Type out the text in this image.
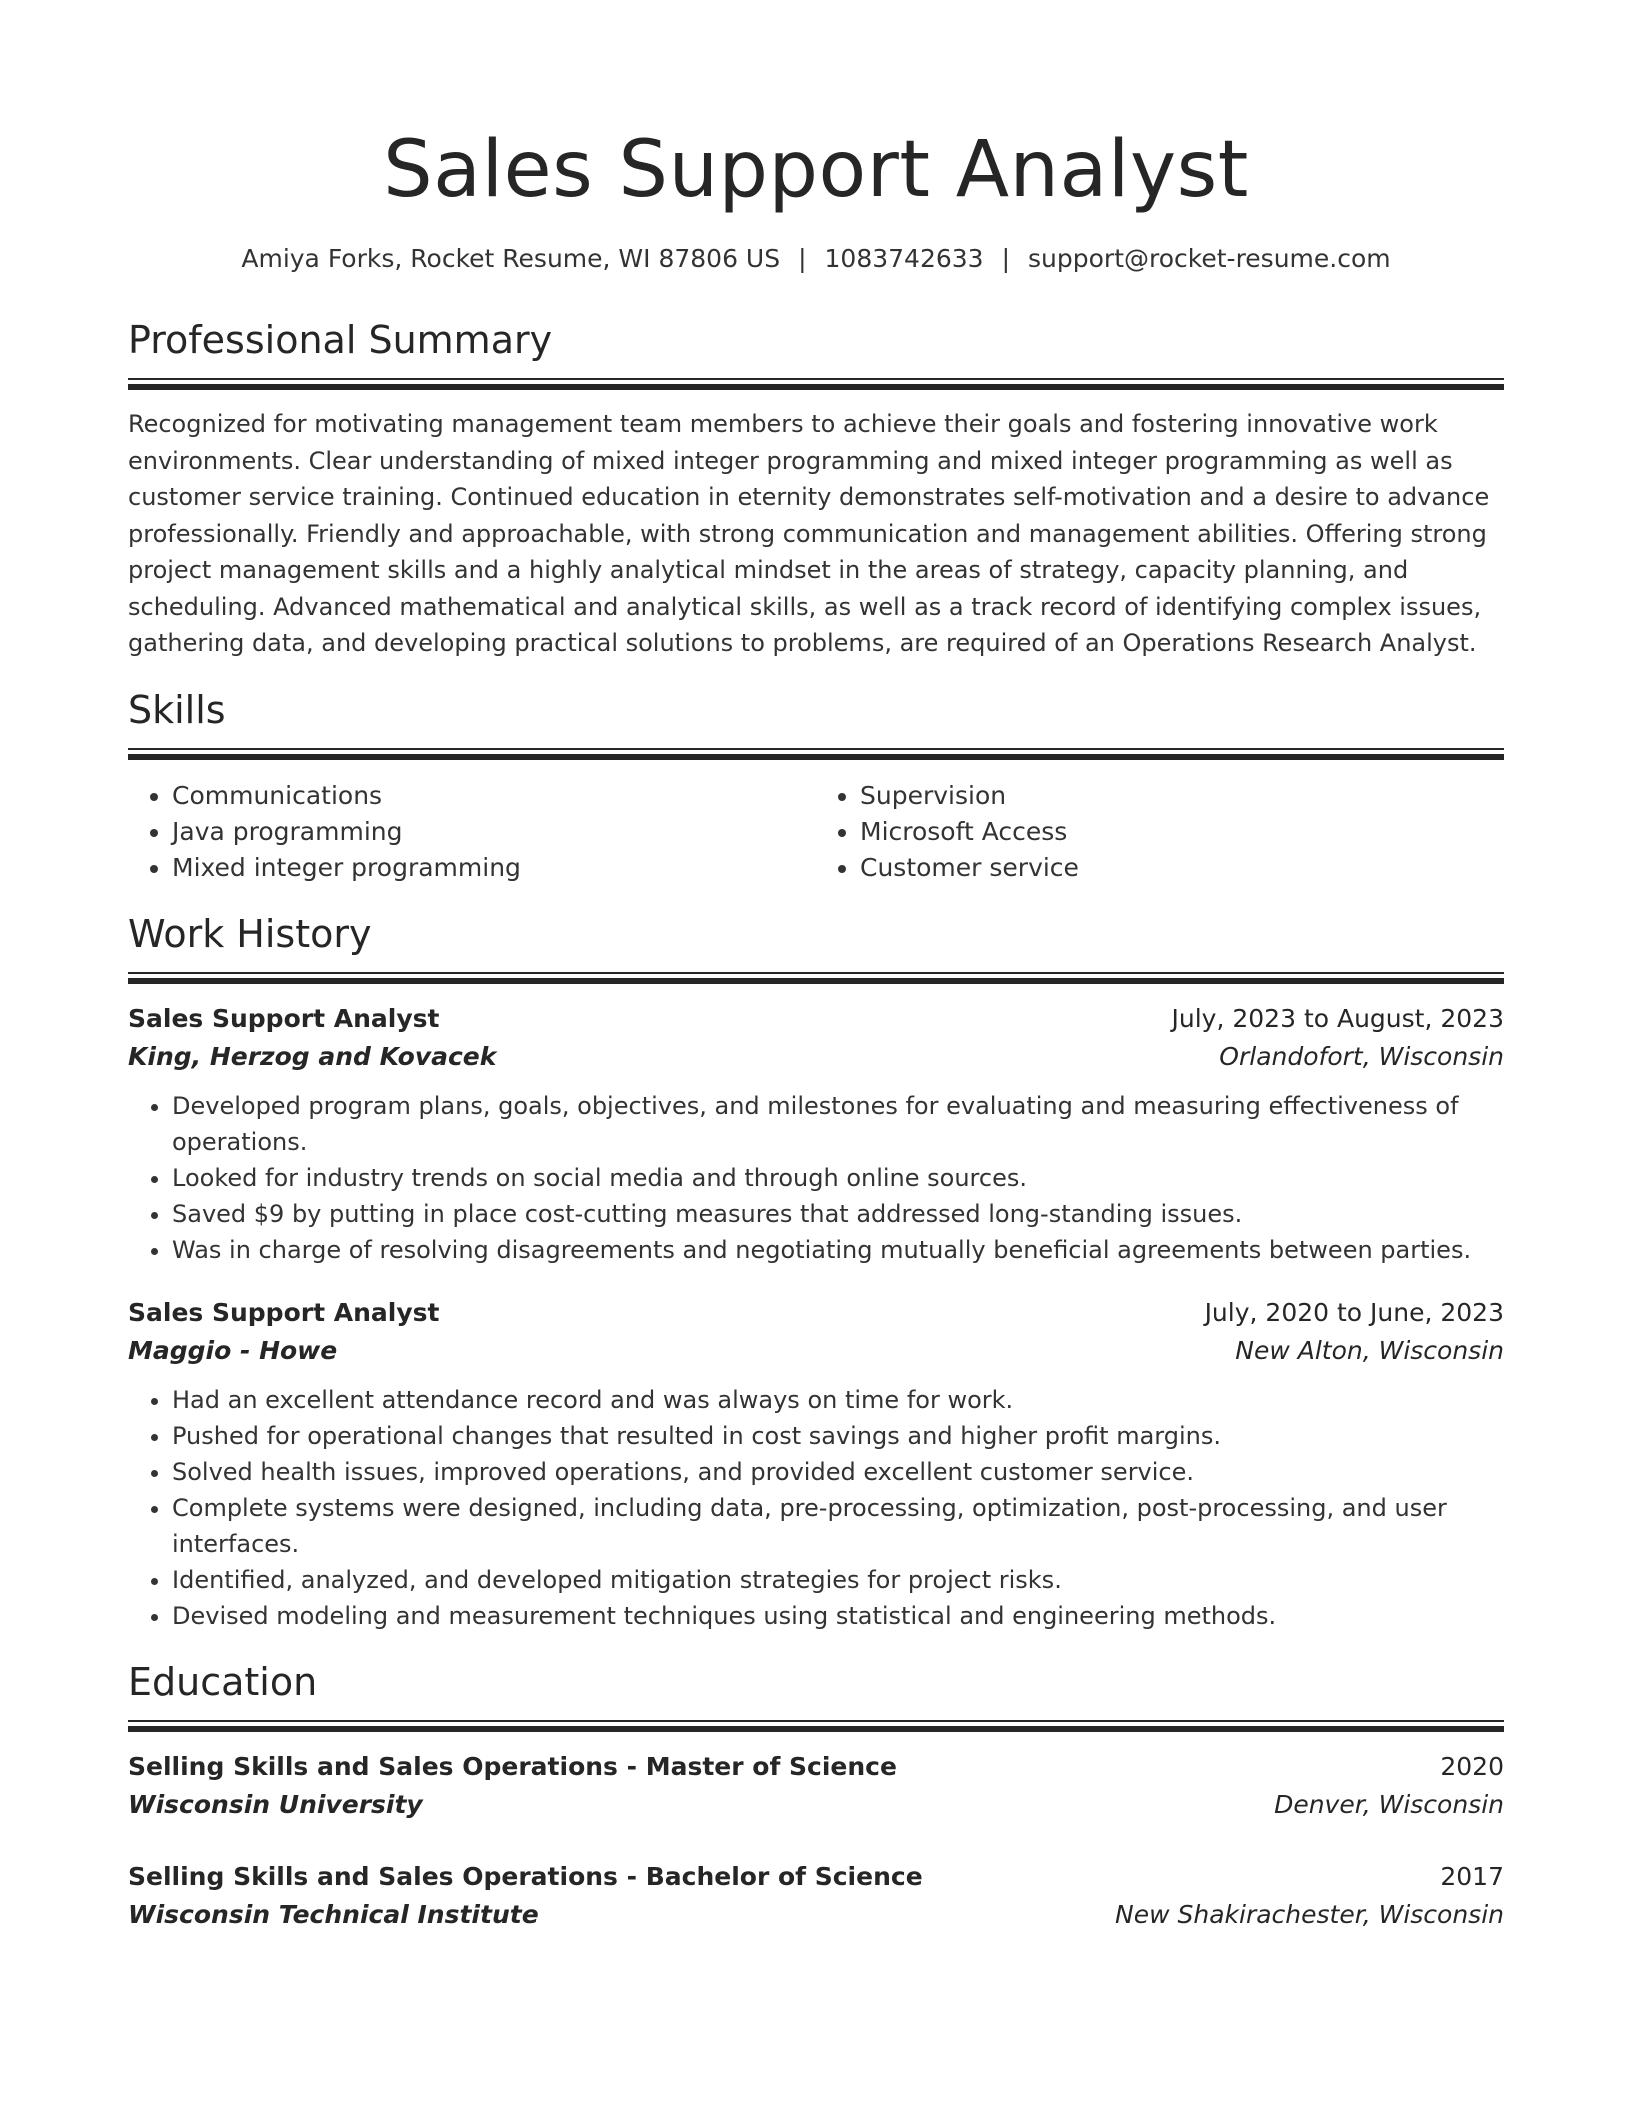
Sales Support Analyst
Amiya Forks, Rocket Resume, WI 87806 US | 1083742633 | support@rocket-resume.com
Professional Summary

Recognized for motivating management team members to achieve their goals and fostering innovative work environments. Clear understanding of mixed integer programming and mixed integer programming as well as customer service training. Continued education in eternity demonstrates self-motivation and a desire to advance professionally. Friendly and approachable, with strong communication and management abilities. Offering strong project management skills and a highly analytical mindset in the areas of strategy, capacity planning, and scheduling. Advanced mathematical and analytical skills, as well as a track record of identifying complex issues, gathering data, and developing practical solutions to problems, are required of an Operations Research Analyst.

Skills
• Communications
• Java programming
• Mixed integer programming
• Supervision
• Microsoft Access
• Customer service
Work History
Sales Support Analyst	July, 2023 to August, 2023
King, Herzog and Kovacek	Orlandofort, Wisconsin
• Developed program plans, goals, objectives, and milestones for evaluating and measuring effectiveness of operations.
• Looked for industry trends on social media and through online sources.
• Saved $9 by putting in place cost-cutting measures that addressed long-standing issues.
• Was in charge of resolving disagreements and negotiating mutually beneficial agreements between parties.
Sales Support Analyst	July, 2020 to June, 2023
Maggio - Howe	New Alton, Wisconsin
• Had an excellent attendance record and was always on time for work.
• Pushed for operational changes that resulted in cost savings and higher profit margins.
• Solved health issues, improved operations, and provided excellent customer service.
• Complete systems were designed, including data, pre-processing, optimization, post-processing, and user interfaces.
• Identified, analyzed, and developed mitigation strategies for project risks.
• Devised modeling and measurement techniques using statistical and engineering methods.
Education
Selling Skills and Sales Operations - Master of Science	2020
Wisconsin University	Denver, Wisconsin
Selling Skills and Sales Operations - Bachelor of Science	2017
Wisconsin Technical Institute	New Shakirachester, Wisconsin
